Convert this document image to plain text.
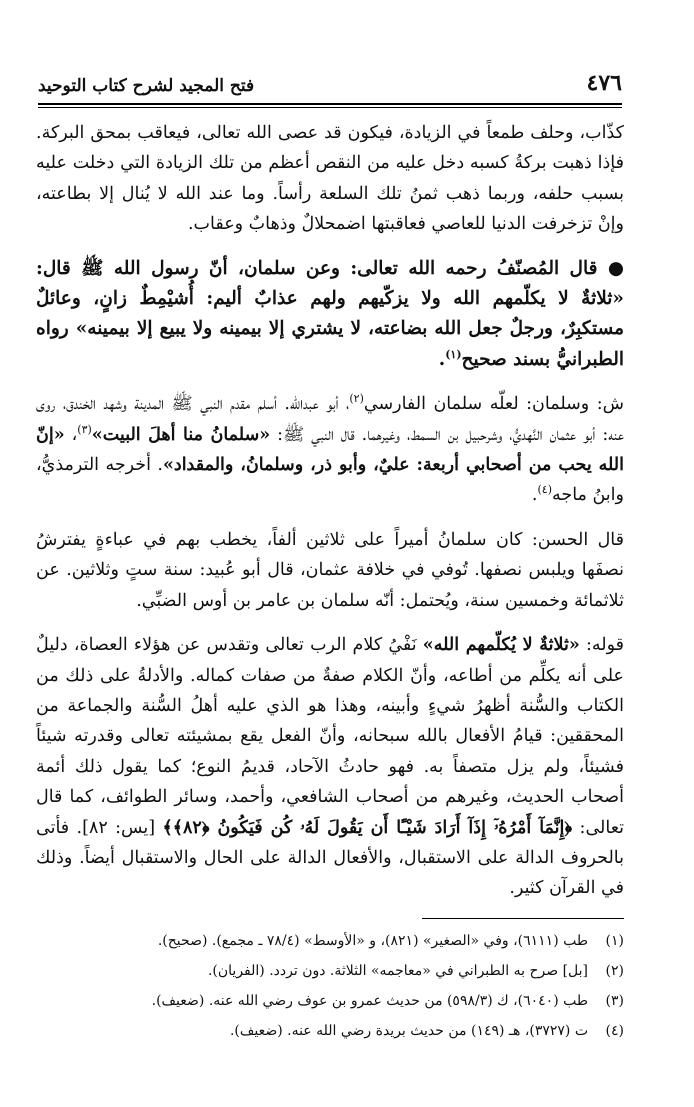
٤٧٦
فتح المجيد لشرح كتاب التوحيد

كذّاب، وحلف طمعاً في الزيادة، فيكون قد عصى الله تعالى، فيعاقب بمحق البركة. فإذا ذهبت بركةُ كسبه دخل عليه من النقص أعظم من تلك الزيادة التي دخلت عليه بسبب حلفه، وربما ذهب ثمنُ تلك السلعة رأساً. وما عند الله لا يُنال إلا بطاعته، وإنْ تزخرفت الدنيا للعاصي فعاقبتها اضمحلالٌ وذهابٌ وعقاب.

● قال المُصنّفُ رحمه الله تعالى: وعن سلمان، أنّ رسول الله ﷺ قال: «ثلاثةٌ لا يكلّمهم الله ولا يزكّيهم ولهم عذابٌ أليم: أُشيْمِطٌ زانٍ، وعائلٌ مستكبِرٌ، ورجلٌ جعل الله بضاعته، لا يشتري إلا بيمينه ولا يبيع إلا بيمينه» رواه الطبرانيُّ بسند صحيح$^{(١)}$.

ش: وسلمان: لعلّه سلمان الفارسي$^{(٢)}$، أبو عبدالله. أسلم مقدم النبي ﷺ المدينة وشهد الخندق، روى عنه: أبو عثمان النَّهديُّ، وشرحبيل بن السمط، وغيرهما. قال النبي ﷺ: «سلمانُ منا أهلَ البيت»$^{(٣)}$، «إنّ الله يحب من أصحابي أربعة: عليٌ، وأبو ذر، وسلمانُ، والمقداد». أخرجه الترمذيُّ، وابنُ ماجه$^{(٤)}$.

قال الحسن: كان سلمانُ أميراً على ثلاثين ألفاً، يخطب بهم في عباءةٍ يفترشُ نصفَها ويلبس نصفها. تُوفي في خلافة عثمان، قال أبو عُبيد: سنة ستٍ وثلاثين. عن ثلاثمائة وخمسين سنة، ويُحتمل: أنّه سلمان بن عامر بن أوس الضبِّي.

قوله: «ثلاثةٌ لا يُكلّمهم الله» نَفْيُ كلام الرب تعالى وتقدس عن هؤلاء العصاة، دليلٌ على أنه يكلِّم من أطاعه، وأنّ الكلام صفةٌ من صفات كماله. والأدلةُ على ذلك من الكتاب والسُّنة أظهرُ شيءٍ وأبينه، وهذا هو الذي عليه أهلُ السُّنة والجماعة من المحققين: قيامُ الأفعال بالله سبحانه، وأنّ الفعل يقع بمشيئته تعالى وقدرته شيئاً فشيئاً، ولم يزل متصفاً به. فهو حادثُ الآحاد، قديمُ النوع؛ كما يقول ذلك أئمة أصحاب الحديث، وغيرهم من أصحاب الشافعي، وأحمد، وسائر الطوائف، كما قال تعالى: ﴿إِنَّمَآ أَمْرُهُۥٓ إِذَآ أَرَادَ شَيْـًٔا أَن يَقُولَ لَهُۥ كُن فَيَكُونُ ﴿٨٢﴾﴾ [يس: ٨٢]. فأتى بالحروف الدالة على الاستقبال، والأفعال الدالة على الحال والاستقبال أيضاً. وذلك في القرآن كثير.

(١)
طب (٦١١١)، وفي «الصغير» (٨٢١)، و «الأوسط» (٧٨/٤ ـ مجمع). (صحيح).
(٢)
[بل] صرح به الطبراني في «معاجمه» الثلاثة. دون تردد. (الفريان).
(٣)
طب (٦٠٤٠)، ك (٥٩٨/٣) من حديث عمرو بن عوف رضي الله عنه. (ضعيف).
(٤)
ت (٣٧٢٧)، هـ (١٤٩) من حديث بريدة رضي الله عنه. (ضعيف).
